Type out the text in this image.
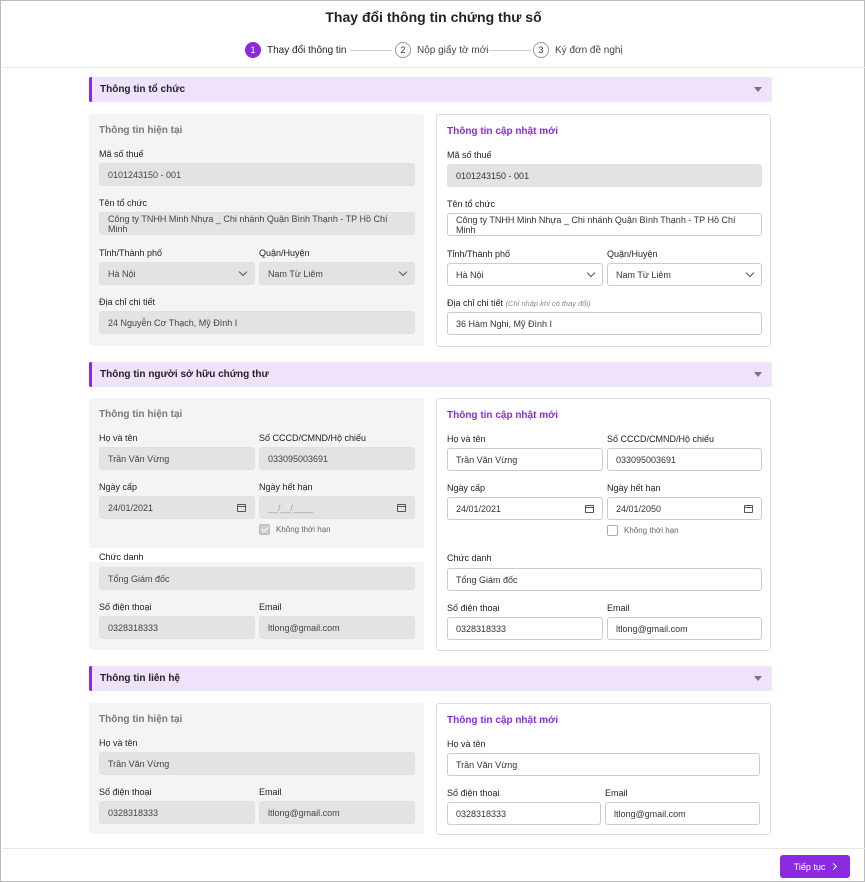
Thay đổi thông tin chứng thư số
1	Thay đổi thông tin	2	Nộp giấy tờ mới	3	Ký đơn đề nghị
Thông tin tổ chức
Thông tin hiện tại
Mã số thuế
0101243150 - 001
Tên tổ chức
Công ty TNHH Minh Nhựa _ Chi nhánh Quận Bình Thạnh - TP Hồ Chí Minh
Tỉnh/Thành phố
Hà Nội
Quận/Huyện
Nam Từ Liêm
Địa chỉ chi tiết
24 Nguyễn Cơ Thạch, Mỹ Đình I
Thông tin cập nhật mới
Mã số thuế
0101243150 - 001
Tên tổ chức
Công ty TNHH Minh Nhựa _ Chi nhánh Quận Bình Thạnh - TP Hồ Chí Minh
Tỉnh/Thành phố
Hà Nội
Quận/Huyện
Nam Từ Liêm
Địa chỉ chi tiết (Chỉ nhập khi có thay đổi)
36 Hàm Nghi, Mỹ Đình I
Thông tin người sở hữu chứng thư
Thông tin hiện tại
Họ và tên
Trần Văn Vừng
Số CCCD/CMND/Hộ chiếu
033095003691
Ngày cấp
24/01/2021
Ngày hết hạn
__/__/____
Không thời hạn
Chức danh
Tổng Giám đốc
Số điện thoại
0328318333
Email
ltlong@gmail.com
Thông tin cập nhật mới
Họ và tên
Trần Văn Vừng
Số CCCD/CMND/Hộ chiếu
033095003691
Ngày cấp
24/01/2021
Ngày hết hạn
24/01/2050
Không thời hạn
Chức danh
Tổng Giám đốc
Số điện thoại
0328318333
Email
ltlong@gmail.com
Thông tin liên hệ
Thông tin hiện tại
Họ và tên
Trần Văn Vừng
Số điện thoại
0328318333
Email
ltlong@gmail.com
Thông tin cập nhật mới
Họ và tên
Trần Văn Vừng
Số điện thoại
0328318333
Email
ltlong@gmail.com
Tiếp tục
